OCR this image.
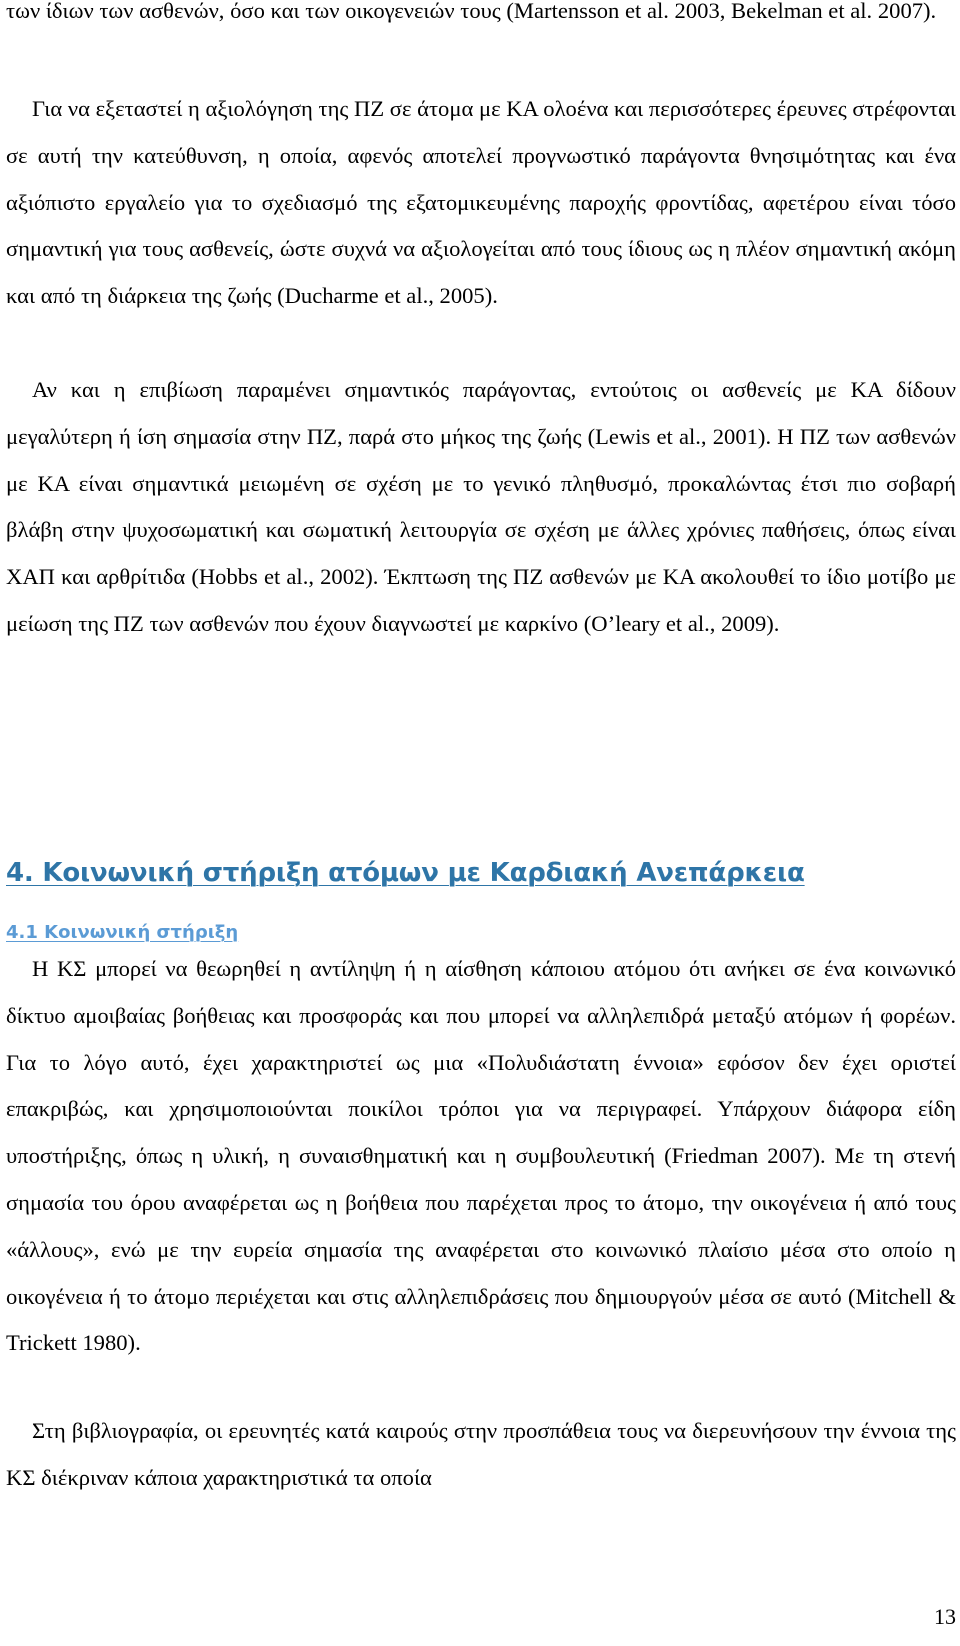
των ίδιων των ασθενών, όσο και των οικογενειών τους (Martensson et al. 2003, Bekelman et al. 2007).

Για να εξεταστεί η αξιολόγηση της ΠΖ σε άτομα με ΚΑ ολοένα και περισσότερες έρευνες στρέφονται σε αυτή την κατεύθυνση, η οποία, αφενός αποτελεί προγνωστικό παράγοντα θνησιμότητας και ένα αξιόπιστο εργαλείο για το σχεδιασμό της εξατομικευμένης παροχής φροντίδας, αφετέρου είναι τόσο σημαντική για τους ασθενείς, ώστε συχνά να αξιολογείται από τους ίδιους ως η πλέον σημαντική ακόμη και από τη διάρκεια της ζωής (Ducharme et al., 2005).

Αν και η επιβίωση παραμένει σημαντικός παράγοντας, εντούτοις οι ασθενείς με ΚΑ δίδουν μεγαλύτερη ή ίση σημασία στην ΠΖ, παρά στο μήκος της ζωής (Lewis et al., 2001). Η ΠΖ των ασθενών με ΚΑ είναι σημαντικά μειωμένη σε σχέση με το γενικό πληθυσμό, προκαλώντας έτσι πιο σοβαρή βλάβη στην ψυχοσωματική και σωματική λειτουργία σε σχέση με άλλες χρόνιες παθήσεις, όπως είναι ΧΑΠ και αρθρίτιδα (Hobbs et al., 2002). Έκπτωση της ΠΖ ασθενών με ΚΑ ακολουθεί το ίδιο μοτίβο με μείωση της ΠΖ των ασθενών που έχουν διαγνωστεί με καρκίνο (O’leary et al., 2009).

4. Κοινωνική στήριξη ατόμων με Καρδιακή Ανεπάρκεια
4.1 Κοινωνική στήριξη

Η ΚΣ μπορεί να θεωρηθεί η αντίληψη ή η αίσθηση κάποιου ατόμου ότι ανήκει σε ένα κοινωνικό δίκτυο αμοιβαίας βοήθειας και προσφοράς και που μπορεί να αλληλεπιδρά μεταξύ ατόμων ή φορέων. Για το λόγο αυτό, έχει χαρακτηριστεί ως μια «Πολυδιάστατη έννοια» εφόσον δεν έχει οριστεί επακριβώς, και χρησιμοποιούνται ποικίλοι τρόποι για να περιγραφεί. Υπάρχουν διάφορα είδη υποστήριξης, όπως η υλική, η συναισθηματική και η συμβουλευτική (Friedman 2007). Με τη στενή σημασία του όρου αναφέρεται ως η βοήθεια που παρέχεται προς το άτομο, την οικογένεια ή από τους «άλλους», ενώ με την ευρεία σημασία της αναφέρεται στο κοινωνικό πλαίσιο μέσα στο οποίο η οικογένεια ή το άτομο περιέχεται και στις αλληλεπιδράσεις που δημιουργούν μέσα σε αυτό (Mitchell & Trickett 1980).

Στη βιβλιογραφία, οι ερευνητές κατά καιρούς στην προσπάθεια τους να διερευνήσουν την έννοια της ΚΣ διέκριναν κάποια χαρακτηριστικά τα οποία

13
